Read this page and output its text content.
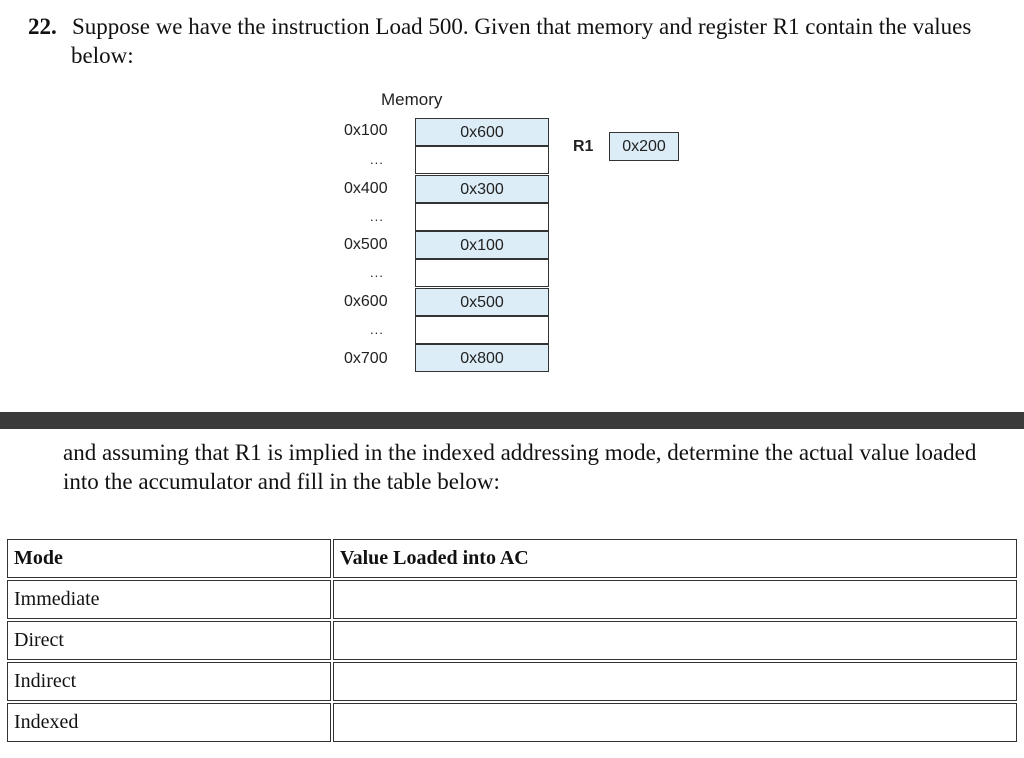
22. Suppose we have the instruction Load 500. Given that memory and register R1 contain the values
below:
Memory
0x100	0x600
...
0x400	0x300
...
0x500	0x100
...
0x600	0x500
...
0x700	0x800
R1	0x200
and assuming that R1 is implied in the indexed addressing mode, determine the actual value loaded
into the accumulator and fill in the table below:
Mode	Value Loaded into AC
Immediate	
Direct	
Indirect	
Indexed	
